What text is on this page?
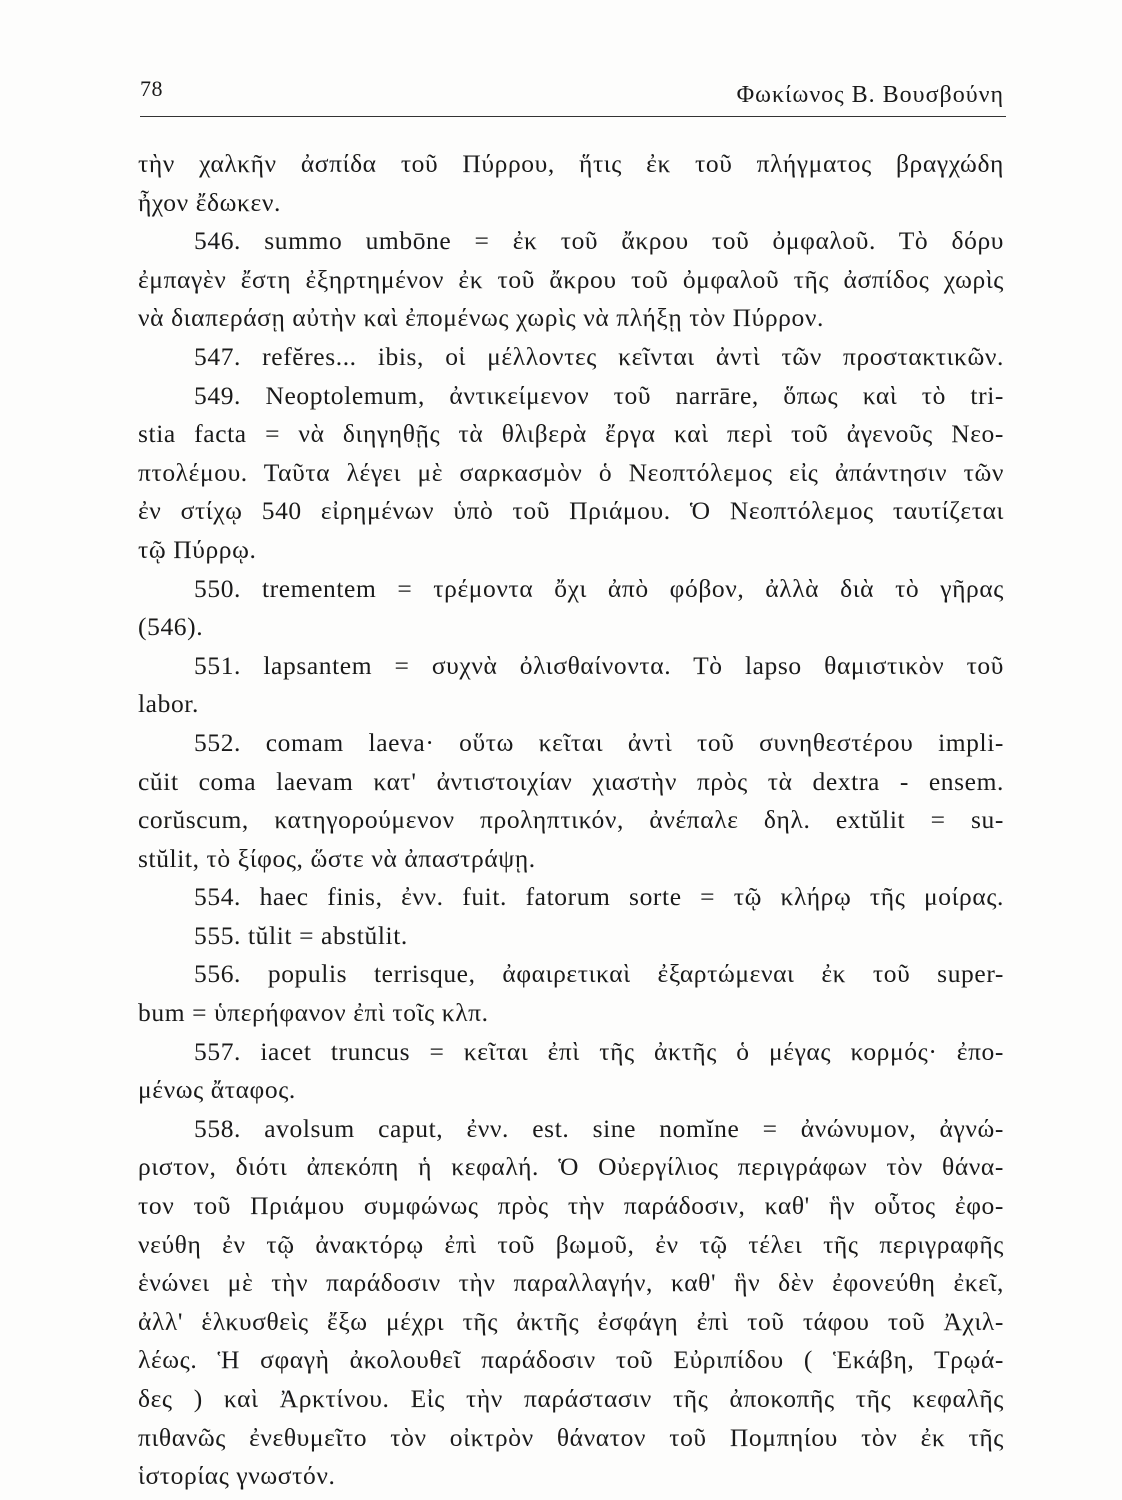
78	Φωκίωνος Β. Βουσβούνη
τὴν χαλκῆν ἀσπίδα τοῦ Πύρρου, ἥτις ἐκ τοῦ πλήγματος βραγχώδη
ἦχον ἔδωκεν.
546. summo umbōne = ἐκ τοῦ ἄκρου τοῦ ὀμφαλοῦ. Τὸ δόρυ
ἐμπαγὲν ἔστη ἐξηρτημένον ἐκ τοῦ ἄκρου τοῦ ὀμφαλοῦ τῆς ἀσπίδος χωρὶς
νὰ διαπεράσῃ αὐτὴν καὶ ἐπομένως χωρὶς νὰ πλήξῃ τὸν Πύρρον.
547. refĕres... ibis, οἱ μέλλοντες κεῖνται ἀντὶ τῶν προστακτικῶν.
549. Neoptolemum, ἀντικείμενον τοῦ narrāre, ὅπως καὶ τὸ tri-
stia facta = νὰ διηγηθῇς τὰ θλιβερὰ ἔργα καὶ περὶ τοῦ ἀγενοῦς Νεο-
πτολέμου. Ταῦτα λέγει μὲ σαρκασμὸν ὁ Νεοπτόλεμος εἰς ἀπάντησιν τῶν
ἐν στίχῳ 540 εἰρημένων ὑπὸ τοῦ Πριάμου. Ὁ Νεοπτόλεμος ταυτίζεται
τῷ Πύρρῳ.
550. trementem = τρέμοντα ὄχι ἀπὸ φόβον, ἀλλὰ διὰ τὸ γῆρας
(546).
551. lapsantem = συχνὰ ὀλισθαίνοντα. Τὸ lapso θαμιστικὸν τοῦ
labor.
552. comam laeva· οὕτω κεῖται ἀντὶ τοῦ συνηθεστέρου impli-
cŭit coma laevam κατ' ἀντιστοιχίαν χιαστὴν πρὸς τὰ dextra - ensem.
corŭscum, κατηγορούμενον προληπτικόν, ἀνέπαλε δηλ. extŭlit = su-
stŭlit, τὸ ξίφος, ὥστε νὰ ἀπαστράψῃ.
554. haec finis, ἐνν. fuit. fatorum sorte = τῷ κλήρῳ τῆς μοίρας.
555. tŭlit = abstŭlit.
556. populis terrisque, ἀφαιρετικαὶ ἐξαρτώμεναι ἐκ τοῦ super-
bum = ὑπερήφανον ἐπὶ τοῖς κλπ.
557. iacet truncus = κεῖται ἐπὶ τῆς ἀκτῆς ὁ μέγας κορμός· ἐπο-
μένως ἄταφος.
558. avolsum caput, ἐνν. est. sine nomĭne = ἀνώνυμον, ἀγνώ-
ριστον, διότι ἀπεκόπη ἡ κεφαλή. Ὁ Οὐεργίλιος περιγράφων τὸν θάνα-
τον τοῦ Πριάμου συμφώνως πρὸς τὴν παράδοσιν, καθ' ἣν οὗτος ἐφο-
νεύθη ἐν τῷ ἀνακτόρῳ ἐπὶ τοῦ βωμοῦ, ἐν τῷ τέλει τῆς περιγραφῆς
ἑνώνει μὲ τὴν παράδοσιν τὴν παραλλαγήν, καθ' ἣν δὲν ἐφονεύθη ἐκεῖ,
ἀλλ' ἑλκυσθεὶς ἔξω μέχρι τῆς ἀκτῆς ἐσφάγη ἐπὶ τοῦ τάφου τοῦ Ἀχιλ-
λέως. Ἡ σφαγὴ ἀκολουθεῖ παράδοσιν τοῦ Εὐριπίδου ( Ἑκάβη, Τρῳά-
δες ) καὶ Ἀρκτίνου. Εἰς τὴν παράστασιν τῆς ἀποκοπῆς τῆς κεφαλῆς
πιθανῶς ἐνεθυμεῖτο τὸν οἰκτρὸν θάνατον τοῦ Πομπηίου τὸν ἐκ τῆς
ἱστορίας γνωστόν.
